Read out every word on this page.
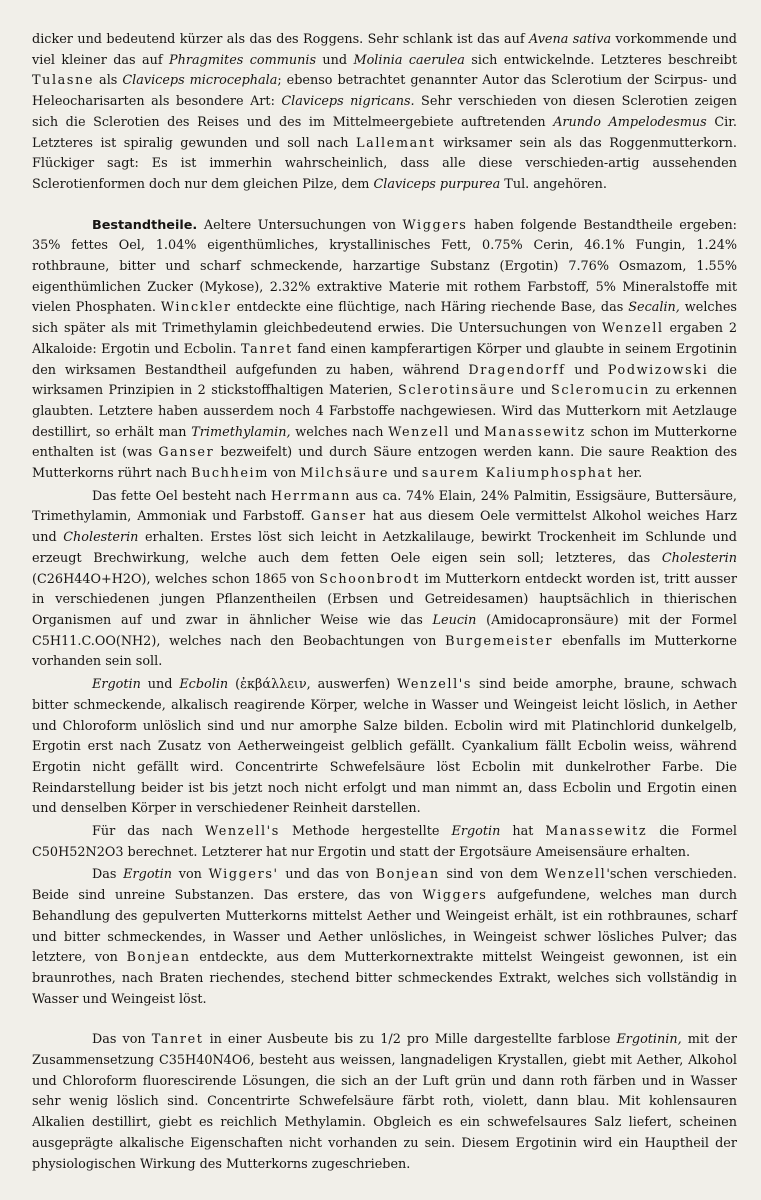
dicker und bedeutend kürzer als das des Roggens. Sehr schlank ist das auf Avena sativa vorkommende und viel kleiner das auf Phragmites communis und Molinia caerulea sich entwickelnde. Letzteres beschreibt Tulasne als Claviceps microcephala; ebenso betrachtet genannter Autor das Sclerotium der Scirpus- und Heleocharisarten als besondere Art: Claviceps nigricans. Sehr verschieden von diesen Sclerotien zeigen sich die Sclerotien des Reises und des im Mittelmeergebiete auftretenden Arundo Ampelodesmus Cir. Letzteres ist spiralig gewunden und soll nach Lallemant wirksamer sein als das Roggenmutterkorn. Flückiger sagt: Es ist immerhin wahrscheinlich, dass alle diese verschieden-artig aussehenden Sclerotienformen doch nur dem gleichen Pilze, dem Claviceps purpurea Tul. angehören.

Bestandtheile. Aeltere Untersuchungen von Wiggers haben folgende Bestandtheile ergeben: 35% fettes Oel, 1.04% eigenthümliches, krystallinisches Fett, 0.75% Cerin, 46.1% Fungin, 1.24% rothbraune, bitter und scharf schmeckende, harzartige Substanz (Ergotin) 7.76% Osmazom, 1.55% eigenthümlichen Zucker (Mykose), 2.32% extraktive Materie mit rothem Farbstoff, 5% Mineralstoffe mit vielen Phosphaten. Winckler entdeckte eine flüchtige, nach Häring riechende Base, das Secalin, welches sich später als mit Trimethylamin gleichbedeutend erwies. Die Untersuchungen von Wenzell ergaben 2 Alkaloide: Ergotin und Ecbolin. Tanret fand einen kampferartigen Körper und glaubte in seinem Ergotinin den wirksamen Bestandtheil aufgefunden zu haben, während Dragendorff und Podwizowski die wirksamen Prinzipien in 2 stickstoffhaltigen Materien, Sclerotinsäure und Scleromucin zu erkennen glaubten. Letztere haben ausserdem noch 4 Farbstoffe nachgewiesen. Wird das Mutterkorn mit Aetzlauge destillirt, so erhält man Trimethylamin, welches nach Wenzell und Manassewitz schon im Mutterkorne enthalten ist (was Ganser bezweifelt) und durch Säure entzogen werden kann. Die saure Reaktion des Mutterkorns rührt nach Buchheim von Milchsäure und saurem Kaliumphosphat her.

Das fette Oel besteht nach Herrmann aus ca. 74% Elain, 24% Palmitin, Essigsäure, Buttersäure, Trimethylamin, Ammoniak und Farbstoff. Ganser hat aus diesem Oele vermittelst Alkohol weiches Harz und Cholesterin erhalten. Erstes löst sich leicht in Aetzkalilauge, bewirkt Trockenheit im Schlunde und erzeugt Brechwirkung, welche auch dem fetten Oele eigen sein soll; letzteres, das Cholesterin (C26H44O+H2O), welches schon 1865 von Schoonbrodt im Mutterkorn entdeckt worden ist, tritt ausser in verschiedenen jungen Pflanzentheilen (Erbsen und Getreidesamen) hauptsächlich in thierischen Organismen auf und zwar in ähnlicher Weise wie das Leucin (Amidocapronsäure) mit der Formel C5H11.C.OO(NH2), welches nach den Beobachtungen von Burgemeister ebenfalls im Mutterkorne vorhanden sein soll.

Ergotin und Ecbolin (ἐκβάλλειν, auswerfen) Wenzell's sind beide amorphe, braune, schwach bitter schmeckende, alkalisch reagirende Körper, welche in Wasser und Weingeist leicht löslich, in Aether und Chloroform unlöslich sind und nur amorphe Salze bilden. Ecbolin wird mit Platinchlorid dunkelgelb, Ergotin erst nach Zusatz von Aetherweingeist gelblich gefällt. Cyankalium fällt Ecbolin weiss, während Ergotin nicht gefällt wird. Concentrirte Schwefelsäure löst Ecbolin mit dunkelrother Farbe. Die Reindarstellung beider ist bis jetzt noch nicht erfolgt und man nimmt an, dass Ecbolin und Ergotin einen und denselben Körper in verschiedener Reinheit darstellen.

Für das nach Wenzell's Methode hergestellte Ergotin hat Manassewitz die Formel C50H52N2O3 berechnet. Letzterer hat nur Ergotin und statt der Ergotsäure Ameisensäure erhalten.

Das Ergotin von Wiggers' und das von Bonjean sind von dem Wenzell'schen verschieden. Beide sind unreine Substanzen. Das erstere, das von Wiggers aufgefundene, welches man durch Behandlung des gepulverten Mutterkorns mittelst Aether und Weingeist erhält, ist ein rothbraunes, scharf und bitter schmeckendes, in Wasser und Aether unlösliches, in Weingeist schwer lösliches Pulver; das letztere, von Bonjean entdeckte, aus dem Mutterkornextrakte mittelst Weingeist gewonnen, ist ein braunrothes, nach Braten riechendes, stechend bitter schmeckendes Extrakt, welches sich vollständig in Wasser und Weingeist löst.

Das von Tanret in einer Ausbeute bis zu 1/2 pro Mille dargestellte farblose Ergotinin, mit der Zusammensetzung C35H40N4O6, besteht aus weissen, langnadeligen Krystallen, giebt mit Aether, Alkohol und Chloroform fluorescirende Lösungen, die sich an der Luft grün und dann roth färben und in Wasser sehr wenig löslich sind. Concentrirte Schwefelsäure färbt roth, violett, dann blau. Mit kohlensauren Alkalien destillirt, giebt es reichlich Methylamin. Obgleich es ein schwefelsaures Salz liefert, scheinen ausgeprägte alkalische Eigenschaften nicht vorhanden zu sein. Diesem Ergotinin wird ein Hauptheil der physiologischen Wirkung des Mutterkorns zugeschrieben.
